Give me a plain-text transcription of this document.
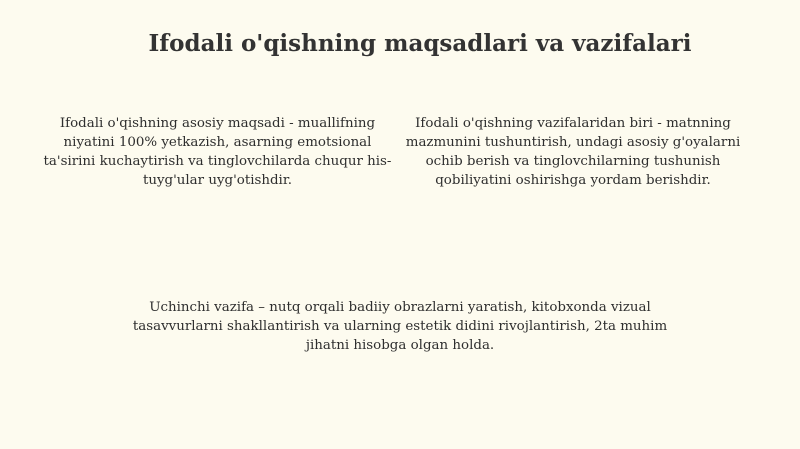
Ifodali o'qishning maqsadlari va vazifalari
Ifodali o'qishning asosiy maqsadi - muallifning niyatini 100% yetkazish, asarning emotsional ta'sirini kuchaytirish va tinglovchilarda chuqur his-tuyg'ular uyg'otishdir.
Ifodali o'qishning vazifalaridan biri - matnning mazmunini tushuntirish, undagi asosiy g'oyalarni ochib berish va tinglovchilarning tushunish qobiliyatini oshirishga yordam berishdir.
Uchinchi vazifa – nutq orqali badiiy obrazlarni yaratish, kitobxonda vizual tasavvurlarni shakllantirish va ularning estetik didini rivojlantirish, 2ta muhim jihatni hisobga olgan holda.
